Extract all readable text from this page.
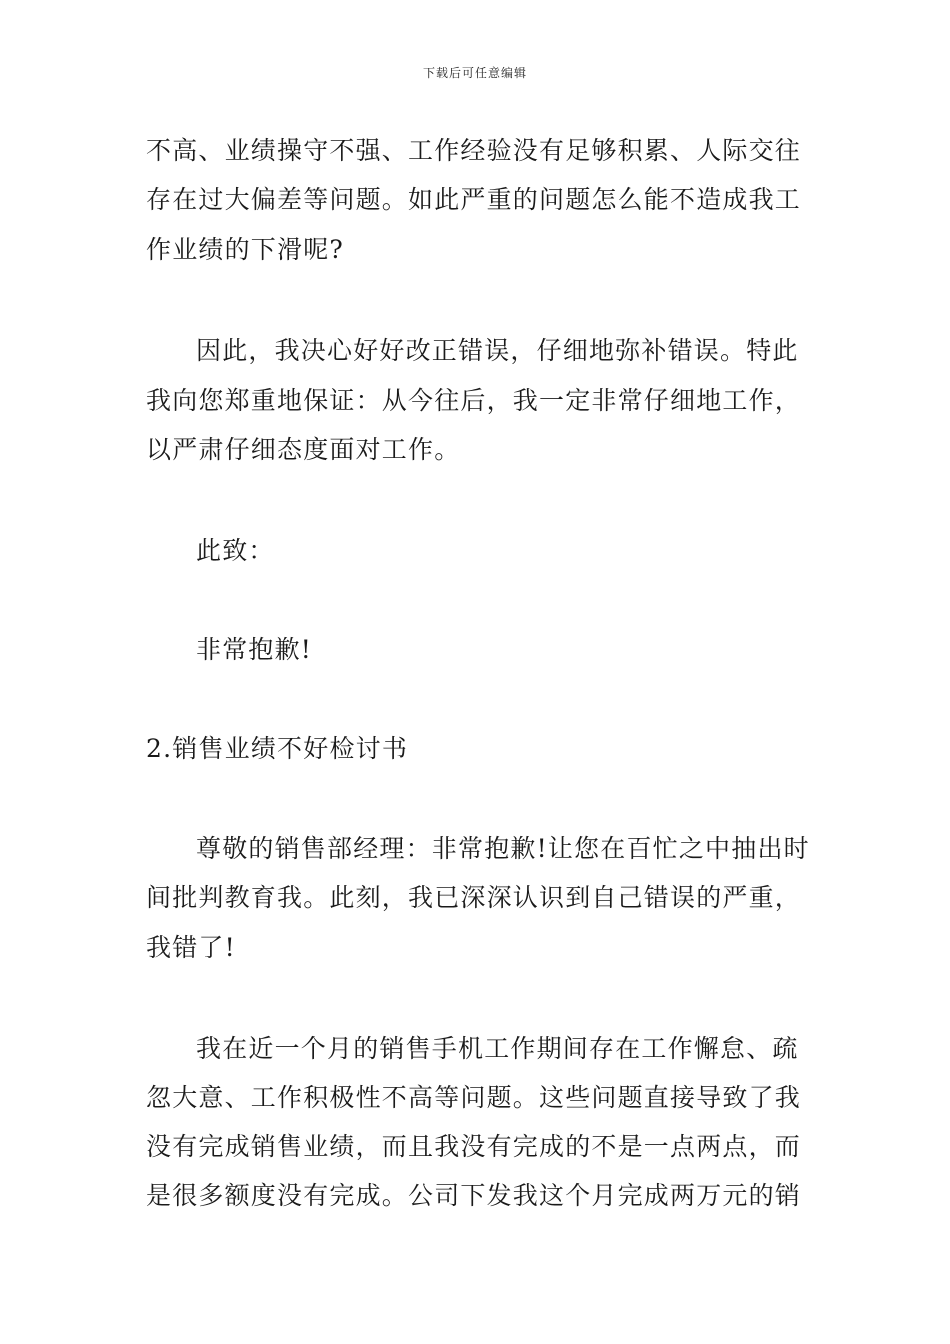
下载后可任意编辑
不高、业绩操守不强、工作经验没有足够积累、人际交往
存在过大偏差等问题。如此严重的问题怎么能不造成我工
作业绩的下滑呢?
因此，我决心好好改正错误，仔细地弥补错误。特此
我向您郑重地保证：从今往后，我一定非常仔细地工作，
以严肃仔细态度面对工作。
此致：
非常抱歉!
2.销售业绩不好检讨书
尊敬的销售部经理：非常抱歉!让您在百忙之中抽出时
间批判教育我。此刻，我已深深认识到自己错误的严重，
我错了!
我在近一个月的销售手机工作期间存在工作懈怠、疏
忽大意、工作积极性不高等问题。这些问题直接导致了我
没有完成销售业绩，而且我没有完成的不是一点两点，而
是很多额度没有完成。公司下发我这个月完成两万元的销
